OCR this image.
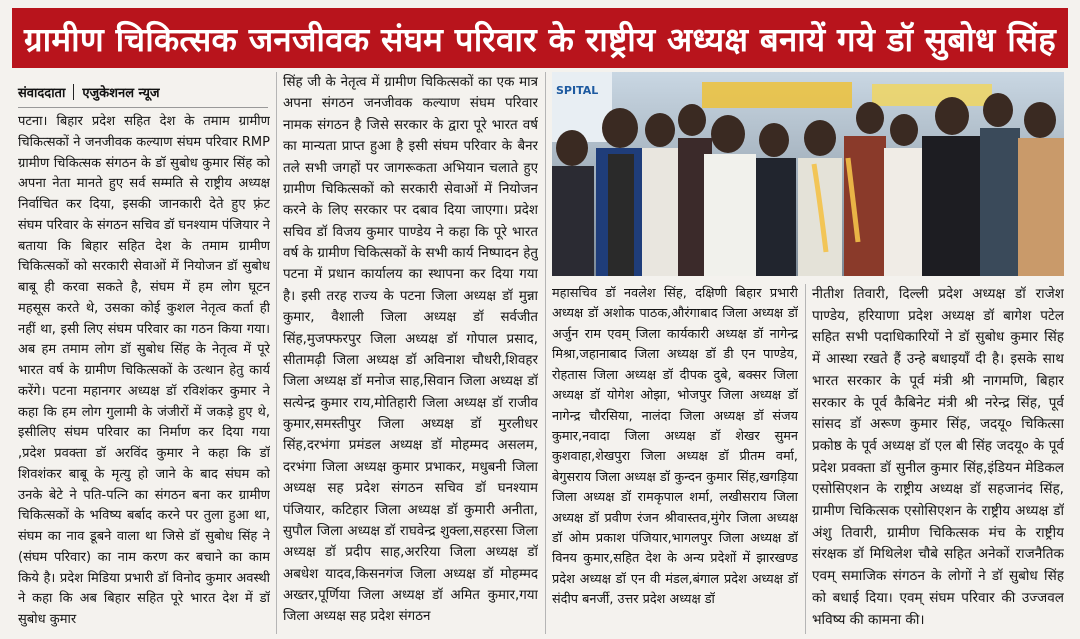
ग्रामीण चिकित्सक जनजीवक संघम परिवार के राष्ट्रीय अध्यक्ष बनायें गये डॉ सुबोध सिंह
संवाददाता एजुकेशनल न्यूज

पटना। बिहार प्रदेश सहित देश के तमाम ग्रामीण चिकित्सकों ने जनजीवक कल्याण संघम परिवार RMP ग्रामीण चिकित्सक संगठन के डॉ सुबोध कुमार सिंह को अपना नेता मानते हुए सर्व सम्मति से राष्ट्रीय अध्यक्ष निर्वाचित कर दिया, इसकी जानकारी देते हुए फ़्रंट संघम परिवार के संगठन सचिव डॉ घनश्याम पंजियार ने बताया कि बिहार सहित देश के तमाम ग्रामीण चिकित्सकों को सरकारी सेवाओं में नियोजन डॉ सुबोध बाबू ही करवा सकते है, संघम में हम लोग घूटन महसूस करते थे, उसका कोई कुशल नेतृत्व कर्ता ही नहीं था, इसी लिए संघम परिवार का गठन किया गया। अब हम तमाम लोग डॉ सुबोध सिंह के नेतृत्व में पूरे भारत वर्ष के ग्रामीण चिकित्सकों के उत्थान हेतु कार्य करेंगे। पटना महानगर अध्यक्ष डॉ रविशंकर कुमार ने कहा कि हम लोग गुलामी के जंजीरों में जकड़े हुए थे, इसीलिए संघम परिवार का निर्माण कर दिया गया ,प्रदेश प्रवक्ता डॉ अरविंद कुमार ने कहा कि डॉ शिवशंकर बाबू के मृत्यु हो जाने के बाद संघम को उनके बेटे ने पति-पत्नि का संगठन बना कर ग्रामीण चिकित्सकों के भविष्य बर्बाद करने पर तुला हुआ था, संघम का नाव डूबने वाला था जिसे डॉ सुबोध सिंह ने (संघम परिवार) का नाम करण कर बचाने का काम किये है। प्रदेश मिडिया प्रभारी डॉ विनोद कुमार अवस्थी ने कहा कि अब बिहार सहित पूरे भारत देश में डॉ सुबोध कुमार

सिंह जी के नेतृत्व में ग्रामीण चिकित्सकों का एक मात्र अपना संगठन जनजीवक कल्याण संघम परिवार नामक संगठन है जिसे सरकार के द्वारा पूरे भारत वर्ष का मान्यता प्राप्त हुआ है इसी संघम परिवार के बैनर तले सभी जगहों पर जागरूकता अभियान चलाते हुए ग्रामीण चिकित्सकों को सरकारी सेवाओं में नियोजन करने के लिए सरकार पर दबाव दिया जाएगा। प्रदेश सचिव डॉ विजय कुमार पाण्डेय ने कहा कि पूरे भारत वर्ष के ग्रामीण चिकित्सकों के सभी कार्य निष्पादन हेतु पटना में प्रधान कार्यालय का स्थापना कर दिया गया है। इसी तरह राज्य के पटना जिला अध्यक्ष डॉ मुन्ना कुमार, वैशाली जिला अध्यक्ष डॉ सर्वजीत सिंह,मुजफ्फरपुर जिला अध्यक्ष डॉ गोपाल प्रसाद, सीतामढ़ी जिला अध्यक्ष डॉ अविनाश चौधरी,शिवहर जिला अध्यक्ष डॉ मनोज साह,सिवान जिला अध्यक्ष डॉ सत्येन्द्र कुमार राय,मोतिहारी जिला अध्यक्ष डॉ राजीव कुमार,समस्तीपुर जिला अध्यक्ष डॉ मुरलीधर सिंह,दरभंगा प्रमंडल अध्यक्ष डॉ मोहम्मद असलम, दरभंगा जिला अध्यक्ष कुमार प्रभाकर, मधुबनी जिला अध्यक्ष सह प्रदेश संगठन सचिव डॉ घनश्याम पंजियार, कटिहार जिला अध्यक्ष डॉ कुमारी अनीता, सुपौल जिला अध्यक्ष डॉ राघवेन्द्र शुक्ला,सहरसा जिला अध्यक्ष डॉ प्रदीप साह,अररिया जिला अध्यक्ष डॉ अबधेश यादव,किसनगंज जिला अध्यक्ष डॉ मोहम्मद अख्तर,पूर्णिया जिला अध्यक्ष डॉ अमित कुमार,गया जिला अध्यक्ष सह प्रदेश संगठन

SPITAL

महासचिव डॉ नवलेश सिंह, दक्षिणी बिहार प्रभारी अध्यक्ष डॉ अशोक पाठक,औरंगाबाद जिला अध्यक्ष डॉ अर्जुन राम एवम् जिला कार्यकारी अध्यक्ष डॉ नागेन्द्र मिश्रा,जहानाबाद जिला अध्यक्ष डॉ डी एन पाण्डेय, रोहतास जिला अध्यक्ष डॉ दीपक दुबे, बक्सर जिला अध्यक्ष डॉ योगेश ओझा, भोजपुर जिला अध्यक्ष डॉ नागेन्द्र चौरसिया, नालंदा जिला अध्यक्ष डॉ संजय कुमार,नवादा जिला अध्यक्ष डॉ शेखर सुमन कुशवाहा,शेखपुरा जिला अध्यक्ष डॉ प्रीतम वर्मा, बेगुसराय जिला अध्यक्ष डॉ कुन्दन कुमार सिंह,खगड़िया जिला अध्यक्ष डॉ रामकृपाल शर्मा, लखीसराय जिला अध्यक्ष डॉ प्रवीण रंजन श्रीवास्तव,मुंगेर जिला अध्यक्ष डॉ ओम प्रकाश पंजियार,भागलपुर जिला अध्यक्ष डॉ विनय कुमार,सहित देश के अन्य प्रदेशों में झारखण्ड प्रदेश अध्यक्ष डॉ एन वी मंडल,बंगाल प्रदेश अध्यक्ष डॉ संदीप बनर्जी, उत्तर प्रदेश अध्यक्ष डॉ

नीतीश तिवारी, दिल्ली प्रदेश अध्यक्ष डॉ राजेश पाण्डेय, हरियाणा प्रदेश अध्यक्ष डॉ बागेश पटेल सहित सभी पदाधिकारियों ने डॉ सुबोध कुमार सिंह में आस्था रखते हैं उन्हे बधाइयाँ दी है। इसके साथ भारत सरकार के पूर्व मंत्री श्री नागमणि, बिहार सरकार के पूर्व कैबिनेट मंत्री श्री नरेन्द्र सिंह, पूर्व सांसद डॉ अरूण कुमार सिंह, जदयू० चिकित्सा प्रकोष्ठ के पूर्व अध्यक्ष डॉ एल बी सिंह जदयू० के पूर्व प्रदेश प्रवक्ता डॉ सुनील कुमार सिंह,इंडियन मेडिकल एसोसिएशन के राष्ट्रीय अध्यक्ष डॉ सहजानंद सिंह, ग्रामीण चिकित्सक एसोसिएशन के राष्ट्रीय अध्यक्ष डॉ अंशु तिवारी, ग्रामीण चिकित्सक मंच के राष्ट्रीय संरक्षक डॉ मिथिलेश चौबे सहित अनेकों राजनैतिक एवम् समाजिक संगठन के लोगों ने डॉ सुबोध सिंह को बधाई दिया। एवम् संघम परिवार की उज्जवल भविष्य की कामना की।
